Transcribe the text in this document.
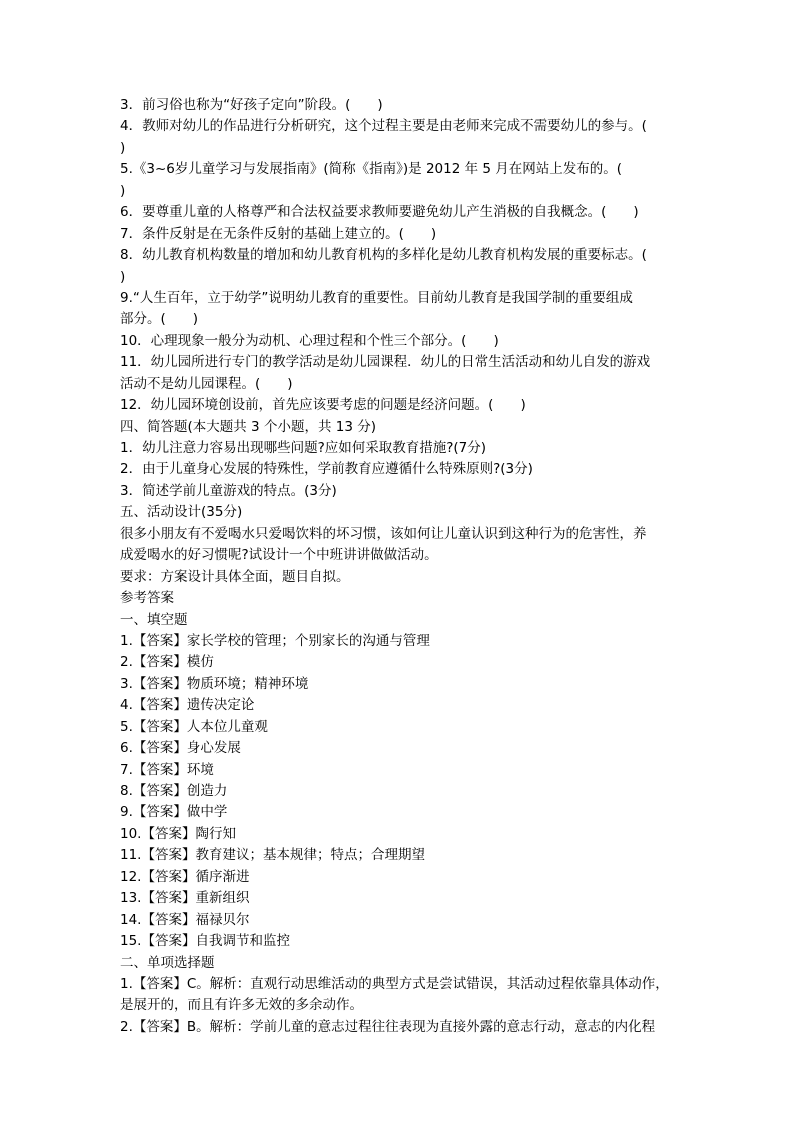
3．前习俗也称为“好孩子定向”阶段。(　　)
4．教师对幼儿的作品进行分析研究，这个过程主要是由老师来完成不需要幼儿的参与。(
)
5.《3~6岁儿童学习与发展指南》(简称《指南》)是 2012 年 5 月在网站上发布的。(
)
6．要尊重儿童的人格尊严和合法权益要求教师要避免幼儿产生消极的自我概念。(　　)
7．条件反射是在无条件反射的基础上建立的。(　　)
8．幼儿教育机构数量的增加和幼儿教育机构的多样化是幼儿教育机构发展的重要标志。(
)
9.“人生百年，立于幼学”说明幼儿教育的重要性。目前幼儿教育是我国学制的重要组成
部分。(　　)
10．心理现象一般分为动机、心理过程和个性三个部分。(　　)
11．幼儿园所进行专门的教学活动是幼儿园课程．幼儿的日常生活活动和幼儿自发的游戏
活动不是幼儿园课程。(　　)
12．幼儿园环境创设前，首先应该要考虑的问题是经济问题。(　　)
四、简答题(本大题共 3 个小题，共 13 分)
1．幼儿注意力容易出现哪些问题?应如何采取教育措施?(7分)
2．由于儿童身心发展的特殊性，学前教育应遵循什么特殊原则?(3分)
3．简述学前儿童游戏的特点。(3分)
五、活动设计(35分)
很多小朋友有不爱喝水只爱喝饮料的坏习惯，该如何让儿童认识到这种行为的危害性，养
成爱喝水的好习惯呢?试设计一个中班讲讲做做活动。
要求：方案设计具体全面，题目自拟。
参考答案
一、填空题
1.【答案】家长学校的管理；个别家长的沟通与管理
2.【答案】模仿
3.【答案】物质环境；精神环境
4.【答案】遗传决定论
5.【答案】人本位儿童观
6.【答案】身心发展
7.【答案】环境
8.【答案】创造力
9.【答案】做中学
10.【答案】陶行知
11.【答案】教育建议；基本规律；特点；合理期望
12.【答案】循序渐进
13.【答案】重新组织
14.【答案】福禄贝尔
15.【答案】自我调节和监控
二、单项选择题
1.【答案】C。解析：直观行动思维活动的典型方式是尝试错误，其活动过程依靠具体动作，
是展开的，而且有许多无效的多余动作。
2.【答案】B。解析：学前儿童的意志过程往往表现为直接外露的意志行动，意志的内化程
